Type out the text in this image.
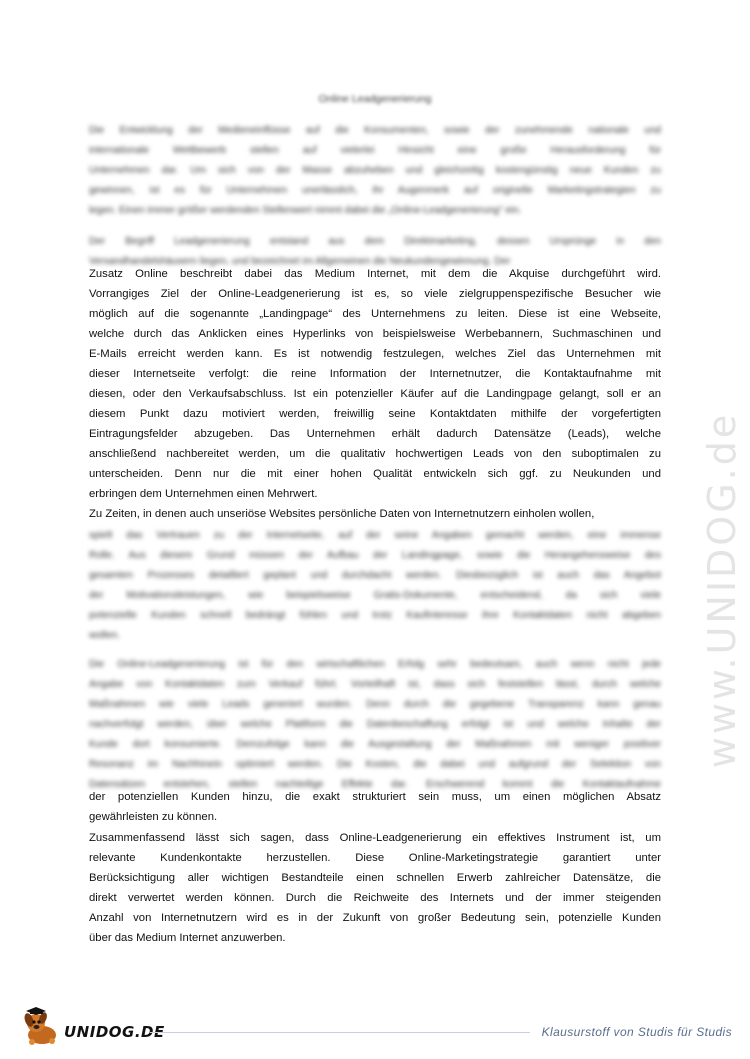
Online Leadgenerierung
Die Entwicklung der Medieneinflüsse auf die Konsumenten, sowie der zunehmende nationale und
internationale Wettbewerb stellen auf vielerlei Hinsicht eine große Herausforderung für
Unternehmen dar. Um sich von der Masse abzuheben und gleichzeitig kostengünstig neue Kunden zu
gewinnen, ist es für Unternehmen unerlässlich, ihr Augenmerk auf originelle Marketingstrategien zu
legen. Einen immer größer werdenden Stellenwert nimmt dabei die „Online-Leadgenerierung“ ein.
Der Begriff Leadgenerierung entstand aus dem Direktmarketing, dessen Ursprünge in den
Versandhandelshäusern liegen, und bezeichnet im Allgemeinen die Neukundengewinnung. Der
Zusatz Online beschreibt dabei das Medium Internet, mit dem die Akquise durchgeführt wird.
Vorrangiges Ziel der Online-Leadgenerierung ist es, so viele zielgruppenspezifische Besucher wie
möglich auf die sogenannte „Landingpage“ des Unternehmens zu leiten. Diese ist eine Webseite,
welche durch das Anklicken eines Hyperlinks von beispielsweise Werbebannern, Suchmaschinen und
E-Mails erreicht werden kann. Es ist notwendig festzulegen, welches Ziel das Unternehmen mit
dieser Internetseite verfolgt: die reine Information der Internetnutzer, die Kontaktaufnahme mit
diesen, oder den Verkaufsabschluss. Ist ein potenzieller Käufer auf die Landingpage gelangt, soll er an
diesem Punkt dazu motiviert werden, freiwillig seine Kontaktdaten mithilfe der vorgefertigten
Eintragungsfelder abzugeben. Das Unternehmen erhält dadurch Datensätze (Leads), welche
anschließend nachbereitet werden, um die qualitativ hochwertigen Leads von den suboptimalen zu
unterscheiden. Denn nur die mit einer hohen Qualität entwickeln sich ggf. zu Neukunden und
erbringen dem Unternehmen einen Mehrwert.
Zu Zeiten, in denen auch unseriöse Websites persönliche Daten von Internetnutzern einholen wollen,
spielt das Vertrauen zu der Internetseite, auf der seine Angaben gemacht werden, eine immense
Rolle. Aus diesem Grund müssen der Aufbau der Landingpage, sowie die Herangehensweise des
gesamten Prozesses detailliert geplant und durchdacht werden. Diesbezüglich ist auch das Angebot
der Motivationsleistungen, wie beispielsweise Gratis-Dokumente, entscheidend, da sich viele
potenzielle Kunden schnell bedrängt fühlen und trotz Kaufinteresse ihre Kontaktdaten nicht abgeben
wollen.
Die Online-Leadgenerierung ist für den wirtschaftlichen Erfolg sehr bedeutsam, auch wenn nicht jede
Angabe von Kontaktdaten zum Verkauf führt. Vorteilhaft ist, dass sich feststellen lässt, durch welche
Maßnahmen wie viele Leads generiert wurden. Denn durch die gegebene Transparenz kann genau
nachverfolgt werden, über welche Plattform die Datenbeschaffung erfolgt ist und welche Inhalte der
Kunde dort konsumierte. Demzufolge kann die Ausgestaltung der Maßnahmen mit weniger positiver
Resonanz im Nachhinein optimiert werden. Die Kosten, die dabei und aufgrund der Selektion von
Datensätzen entstehen, stellen nachteilige Effekte dar. Erschwerend kommt die Kontaktaufnahme
der potenziellen Kunden hinzu, die exakt strukturiert sein muss, um einen möglichen Absatz
gewährleisten zu können.
Zusammenfassend lässt sich sagen, dass Online-Leadgenerierung ein effektives Instrument ist, um
relevante Kundenkontakte herzustellen. Diese Online-Marketingstrategie garantiert unter
Berücksichtigung aller wichtigen Bestandteile einen schnellen Erwerb zahlreicher Datensätze, die
direkt verwertet werden können. Durch die Reichweite des Internets und der immer steigenden
Anzahl von Internetnutzern wird es in der Zukunft von großer Bedeutung sein, potenzielle Kunden
über das Medium Internet anzuwerben.
www.UNIDOG.de
UNIDOG.DE	Klausurstoff von Studis für Studis
